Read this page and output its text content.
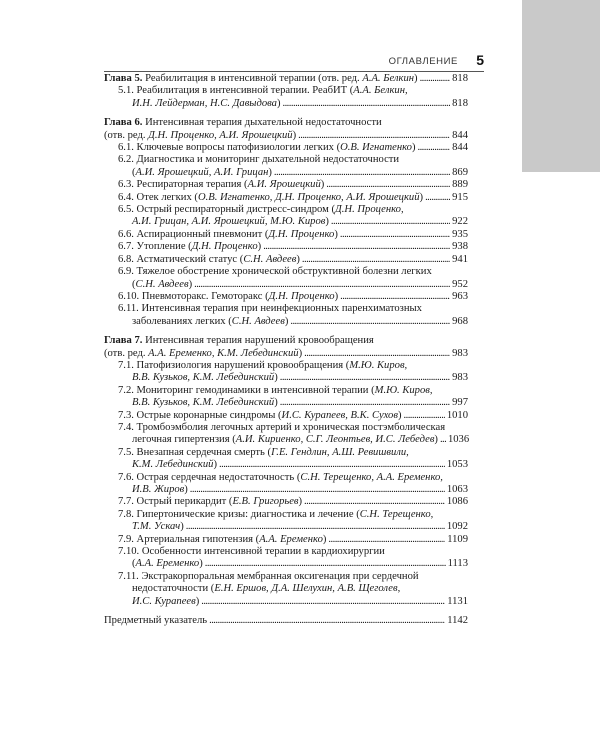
ОГЛАВЛЕНИЕ 5
Глава 5.
Реабилитация в интенсивной терапии (отв. ред. А.А. Белкин) . . .	818
5.1. Реабилитация в интенсивной терапии. РеабИТ (А.А. Белкин,
И.Н. Лейдерман, Н.С. Давыдова) . . .	818
Глава 6.
Интенсивная терапия дыхательной недостаточности
(отв. ред. Д.Н. Проценко, А.И. Ярошецкий) . . .	844
6.1. Ключевые вопросы патофизиологии легких (О.В. Игнатенко) . . .	844
6.2. Диагностика и мониторинг дыхательной недостаточности
(А.И. Ярошецкий, А.И. Грицан) . . .	869
6.3. Респираторная терапия (А.И. Ярошецкий) . . .	889
6.4. Отек легких (О.В. Игнатенко, Д.Н. Проценко, А.И. Ярошецкий) . . .	915
6.5. Острый респираторный дистресс-синдром (Д.Н. Проценко,
А.И. Грицан, А.И. Ярошецкий, М.Ю. Киров) . . .	922
6.6. Аспирационный пневмонит (Д.Н. Проценко) . . .	935
6.7. Утопление (Д.Н. Проценко) . . .	938
6.8. Астматический статус (С.Н. Авдеев) . . .	941
6.9. Тяжелое обострение хронической обструктивной болезни легких
(С.Н. Авдеев) . . .	952
6.10. Пневмоторакс. Гемоторакс (Д.Н. Проценко) . . .	963
6.11. Интенсивная терапия при неинфекционных паренхиматозных
заболеваниях легких (С.Н. Авдеев) . . .	968
Глава 7.
Интенсивная терапия нарушений кровообращения
(отв. ред. А.А. Еременко, К.М. Лебединский) . . .	983
7.1. Патофизиология нарушений кровообращения (М.Ю. Киров,
В.В. Кузьков, К.М. Лебединский) . . .	983
7.2. Мониторинг гемодинамики в интенсивной терапии (М.Ю. Киров,
В.В. Кузьков, К.М. Лебединский) . . .	997
7.3. Острые коронарные синдромы (И.С. Курапеев, В.К. Сухов) . . .	1010
7.4. Тромбоэмболия легочных артерий и хроническая постэмболическая
легочная гипертензия (А.И. Кириенко, С.Г. Леонтьев, И.С. Лебедев) . . . 1036
7.5. Внезапная сердечная смерть (Г.Е. Гендлин, А.Ш. Ревишвили,
К.М. Лебединский) . . .	1053
7.6. Острая сердечная недостаточность (С.Н. Терещенко, А.А. Еременко,
И.В. Жиров) . . .	1063
7.7. Острый перикардит (Е.В. Григорьев) . . .	1086
7.8. Гипертонические кризы: диагностика и лечение (С.Н. Терещенко,
Т.М. Ускач) . . .	1092
7.9. Артериальная гипотензия (А.А. Еременко) . . .	1109
7.10. Особенности интенсивной терапии в кардиохирургии
(А.А. Еременко) . . .	1113
7.11. Экстракорпоральная мембранная оксигенация при сердечной
недостаточности (Е.Н. Ершов, Д.А. Шелухин, А.В. Щеголев,
И.С. Курапеев) . . .	1131
Предметный указатель . . .	1142
